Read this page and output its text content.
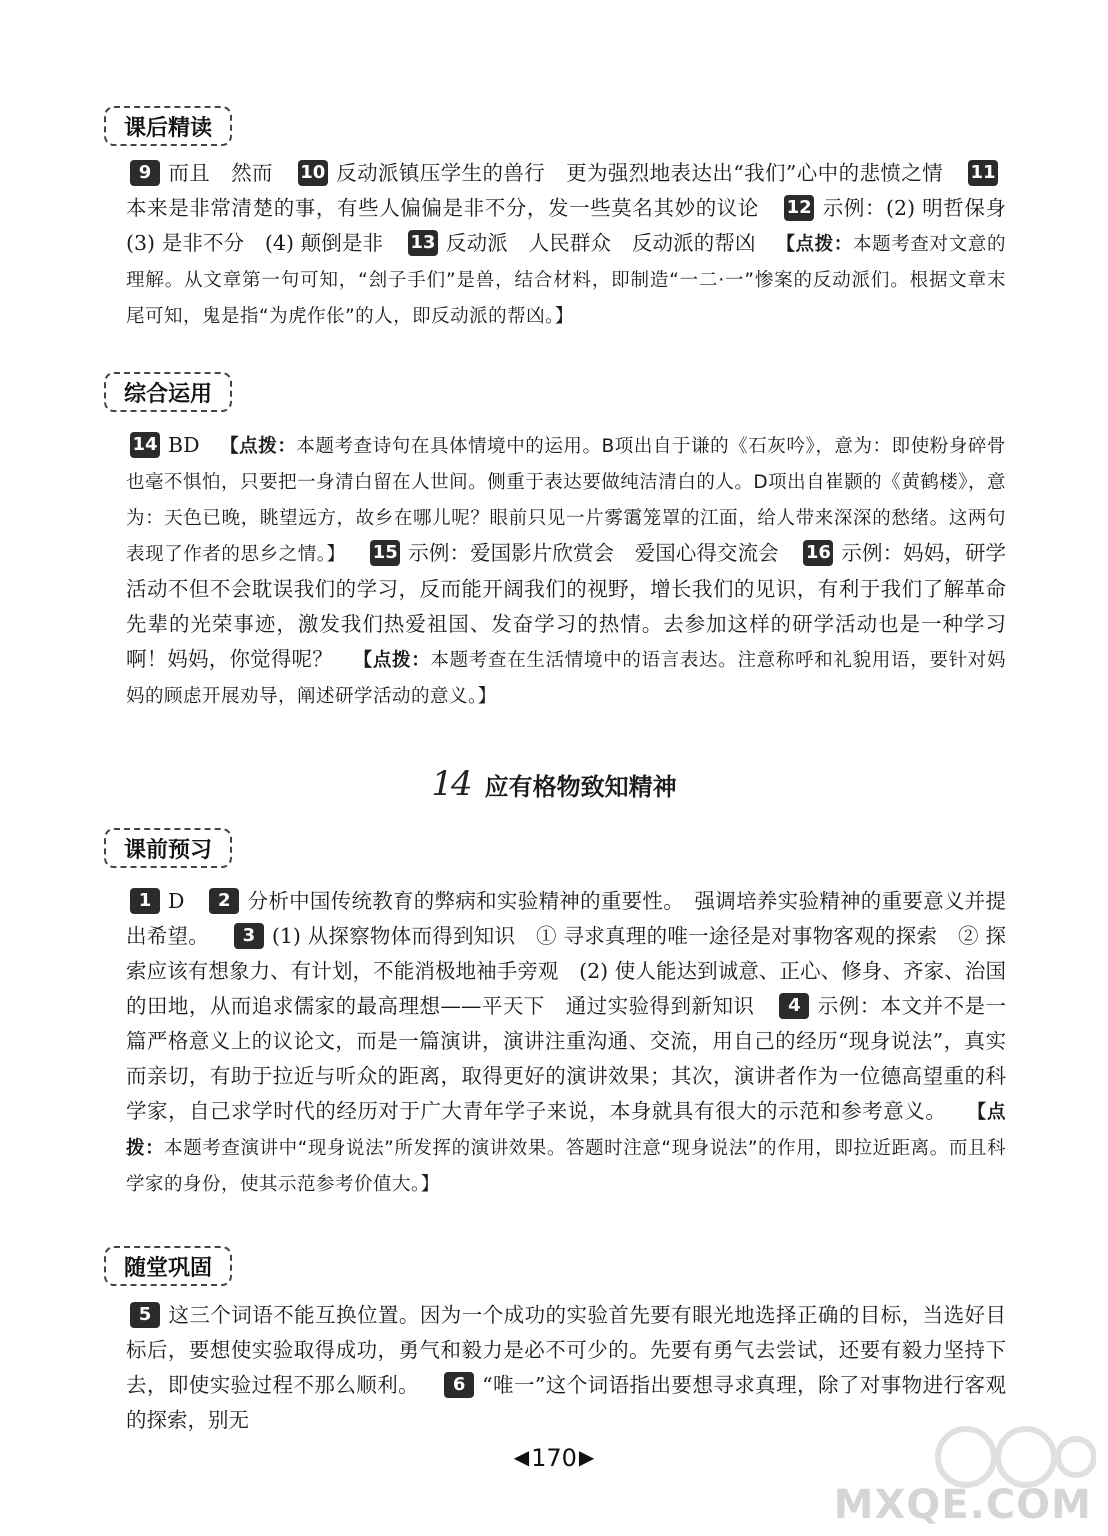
课后精读
9 而且　然而 10 反动派镇压学生的兽行　更为强烈地表达出“我们”心中的悲愤之情 11本来是非常清楚的事，有些人偏偏是非不分，发一些莫名其妙的议论 12 示例：(2) 明哲保身　(3) 是非不分　(4) 颠倒是非 13 反动派　人民群众　反动派的帮凶 【点拨：本题考查对文意的理解。从文章第一句可知，“刽子手们”是兽，结合材料，即制造“一二·一”惨案的反动派们。根据文章末尾可知，鬼是指“为虎作伥”的人，即反动派的帮凶。】
综合运用
14 BD 【点拨：本题考查诗句在具体情境中的运用。B项出自于谦的《石灰吟》，意为：即使粉身碎骨也毫不惧怕，只要把一身清白留在人世间。侧重于表达要做纯洁清白的人。D项出自崔颢的《黄鹤楼》，意为：天色已晚，眺望远方，故乡在哪儿呢？眼前只见一片雾霭笼罩的江面，给人带来深深的愁绪。这两句表现了作者的思乡之情。】 15 示例：爱国影片欣赏会　爱国心得交流会 16 示例：妈妈，研学活动不但不会耽误我们的学习，反而能开阔我们的视野，增长我们的见识，有利于我们了解革命先辈的光荣事迹，激发我们热爱祖国、发奋学习的热情。去参加这样的研学活动也是一种学习啊！妈妈，你觉得呢？ 【点拨：本题考查在生活情境中的语言表达。注意称呼和礼貌用语，要针对妈妈的顾虑开展劝导，阐述研学活动的意义。】
14 应有格物致知精神
课前预习
1 D 2 分析中国传统教育的弊病和实验精神的重要性。　强调培养实验精神的重要意义并提出希望。 3 (1) 从探察物体而得到知识　① 寻求真理的唯一途径是对事物客观的探索　② 探索应该有想象力、有计划，不能消极地袖手旁观　(2) 使人能达到诚意、正心、修身、齐家、治国的田地，从而追求儒家的最高理想——平天下　通过实验得到新知识 4 示例：本文并不是一篇严格意义上的议论文，而是一篇演讲，演讲注重沟通、交流，用自己的经历“现身说法”，真实而亲切，有助于拉近与听众的距离，取得更好的演讲效果；其次，演讲者作为一位德高望重的科学家，自己求学时代的经历对于广大青年学子来说，本身就具有很大的示范和参考意义。 【点拨：本题考查演讲中“现身说法”所发挥的演讲效果。答题时注意“现身说法”的作用，即拉近距离。而且科学家的身份，使其示范参考价值大。】
随堂巩固
5 这三个词语不能互换位置。因为一个成功的实验首先要有眼光地选择正确的目标，当选好目标后，要想使实验取得成功，勇气和毅力是必不可少的。先要有勇气去尝试，还要有毅力坚持下去，即使实验过程不那么顺利。 6 “唯一”这个词语指出要想寻求真理，除了对事物进行客观的探索，别无
◀170 ▶
MXQE.COM
